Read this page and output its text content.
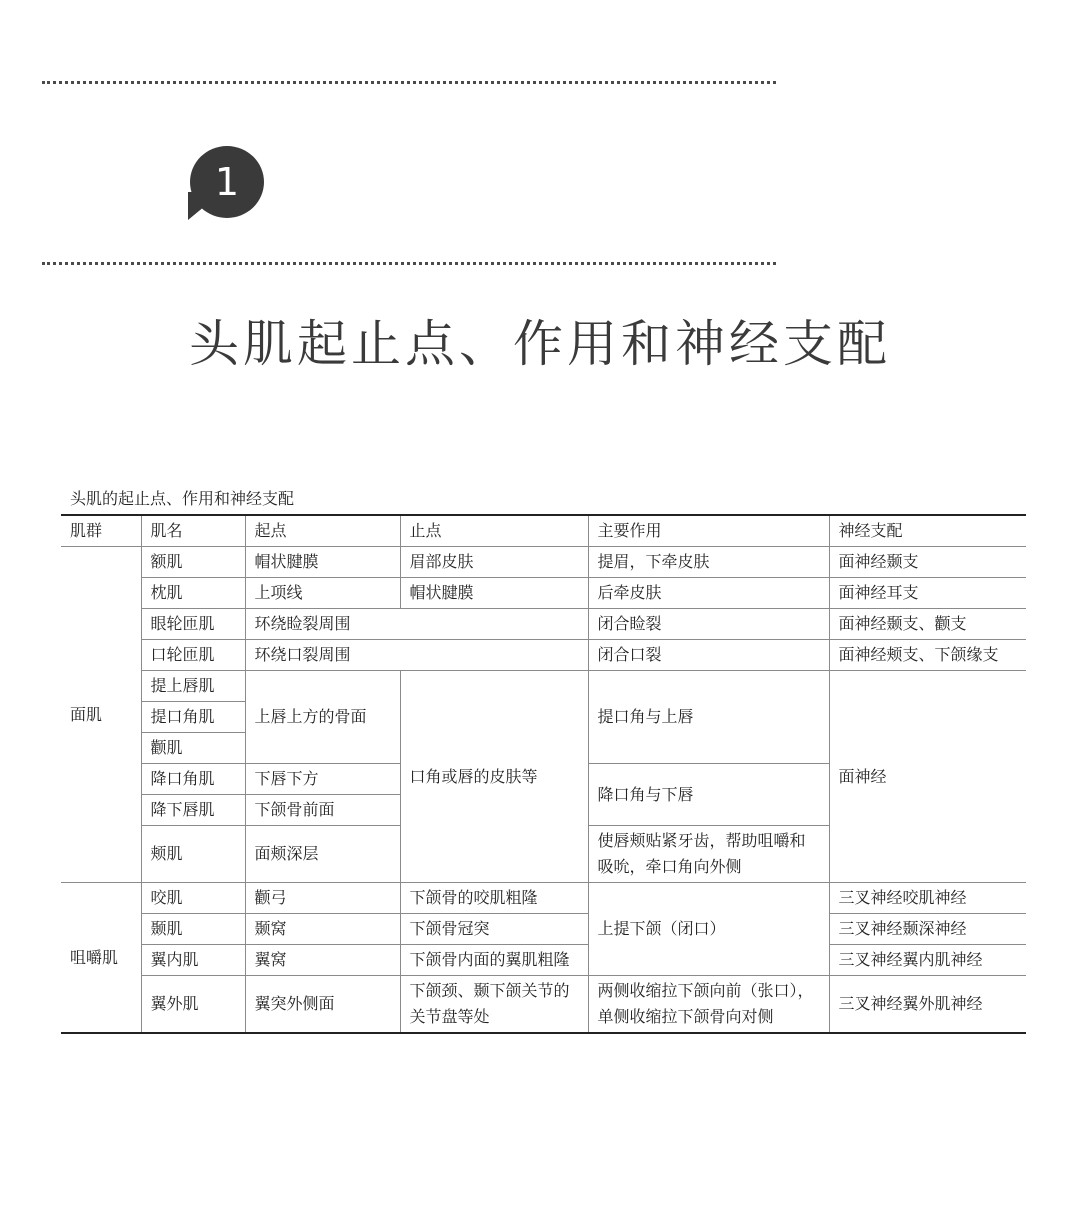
1
头肌起止点、作用和神经支配
头肌的起止点、作用和神经支配
肌群	肌名	起点	止点	主要作用	神经支配
面肌	额肌	帽状腱膜	眉部皮肤	提眉，下牵皮肤	面神经颞支
	枕肌	上项线	帽状腱膜	后牵皮肤	面神经耳支
	眼轮匝肌	环绕睑裂周围		闭合睑裂	面神经颞支、颧支
	口轮匝肌	环绕口裂周围		闭合口裂	面神经颊支、下颌缘支
	提上唇肌	上唇上方的骨面	口角或唇的皮肤等	提口角与上唇	面神经
	提口角肌				
	颧肌				
	降口角肌	下唇下方		降口角与下唇	
	降下唇肌	下颌骨前面			
	颊肌	面颊深层		使唇颊贴紧牙齿，帮助咀嚼和吸吮，牵口角向外侧	
咀嚼肌	咬肌	颧弓	下颌骨的咬肌粗隆	上提下颌（闭口）	三叉神经咬肌神经
	颞肌	颞窝	下颌骨冠突		三叉神经颞深神经
	翼内肌	翼窝	下颌骨内面的翼肌粗隆		三叉神经翼内肌神经
	翼外肌	翼突外侧面	下颌颈、颞下颌关节的关节盘等处	两侧收缩拉下颌向前（张口），
单侧收缩拉下颌骨向对侧	三叉神经翼外肌神经
